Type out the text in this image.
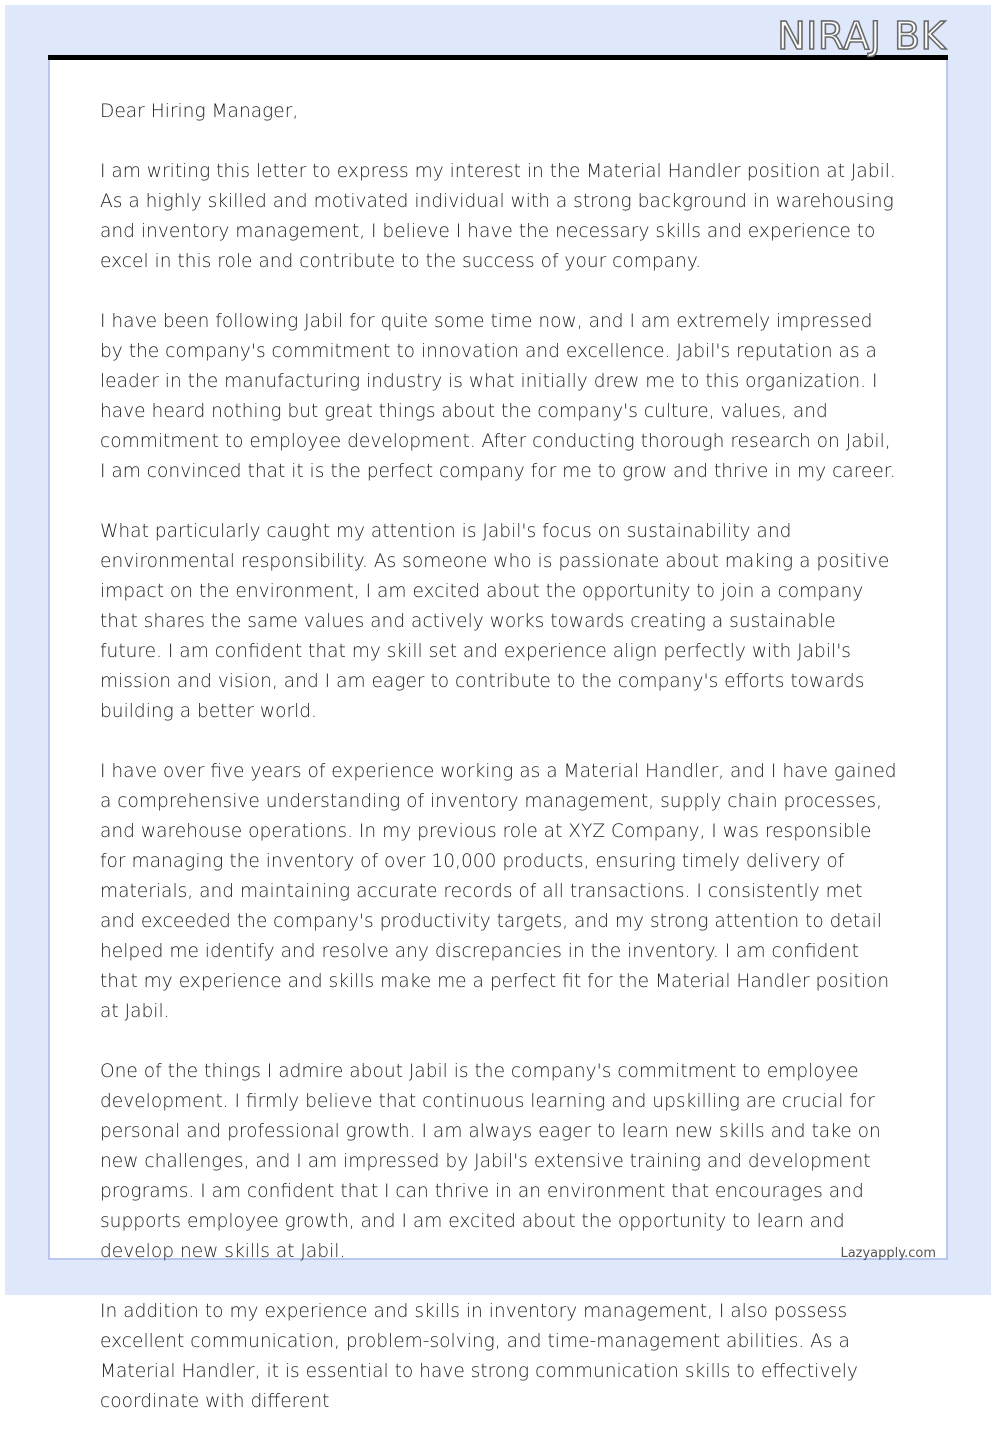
NIRAJ BK

Dear Hiring Manager,

I am writing this letter to express my interest in the Material Handler position at Jabil. As a highly skilled and motivated individual with a strong background in warehousing and inventory management, I believe I have the necessary skills and experience to excel in this role and contribute to the success of your company.

I have been following Jabil for quite some time now, and I am extremely impressed by the company's commitment to innovation and excellence. Jabil's reputation as a leader in the manufacturing industry is what initially drew me to this organization. I have heard nothing but great things about the company's culture, values, and commitment to employee development. After conducting thorough research on Jabil, I am convinced that it is the perfect company for me to grow and thrive in my career.

What particularly caught my attention is Jabil's focus on sustainability and environmental responsibility. As someone who is passionate about making a positive impact on the environment, I am excited about the opportunity to join a company that shares the same values and actively works towards creating a sustainable future. I am confident that my skill set and experience align perfectly with Jabil's mission and vision, and I am eager to contribute to the company's efforts towards building a better world.

I have over five years of experience working as a Material Handler, and I have gained a comprehensive understanding of inventory management, supply chain processes, and warehouse operations. In my previous role at XYZ Company, I was responsible for managing the inventory of over 10,000 products, ensuring timely delivery of materials, and maintaining accurate records of all transactions. I consistently met and exceeded the company's productivity targets, and my strong attention to detail helped me identify and resolve any discrepancies in the inventory. I am confident that my experience and skills make me a perfect fit for the Material Handler position at Jabil.

One of the things I admire about Jabil is the company's commitment to employee development. I firmly believe that continuous learning and upskilling are crucial for personal and professional growth. I am always eager to learn new skills and take on new challenges, and I am impressed by Jabil's extensive training and development programs. I am confident that I can thrive in an environment that encourages and supports employee growth, and I am excited about the opportunity to learn and develop new skills at Jabil.

In addition to my experience and skills in inventory management, I also possess excellent communication, problem-solving, and time-management abilities. As a Material Handler, it is essential to have strong communication skills to effectively coordinate with different

Lazyapply.com
